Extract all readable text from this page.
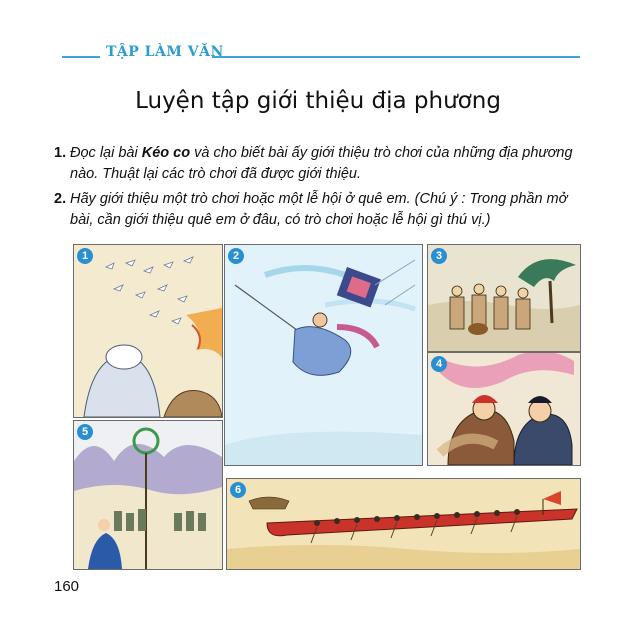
TẬP LÀM VĂN
Luyện tập giới thiệu địa phương
1. Đọc lại bài Kéo co và cho biết bài ấy giới thiệu trò chơi của những địa phương nào. Thuật lại các trò chơi đã được giới thiệu.
2. Hãy giới thiệu một trò chơi hoặc một lễ hội ở quê em. (Chú ý : Trong phần mở bài, cần giới thiệu quê em ở đâu, có trò chơi hoặc lễ hội gì thú vị.)
1	2	3
4
5
6
160
